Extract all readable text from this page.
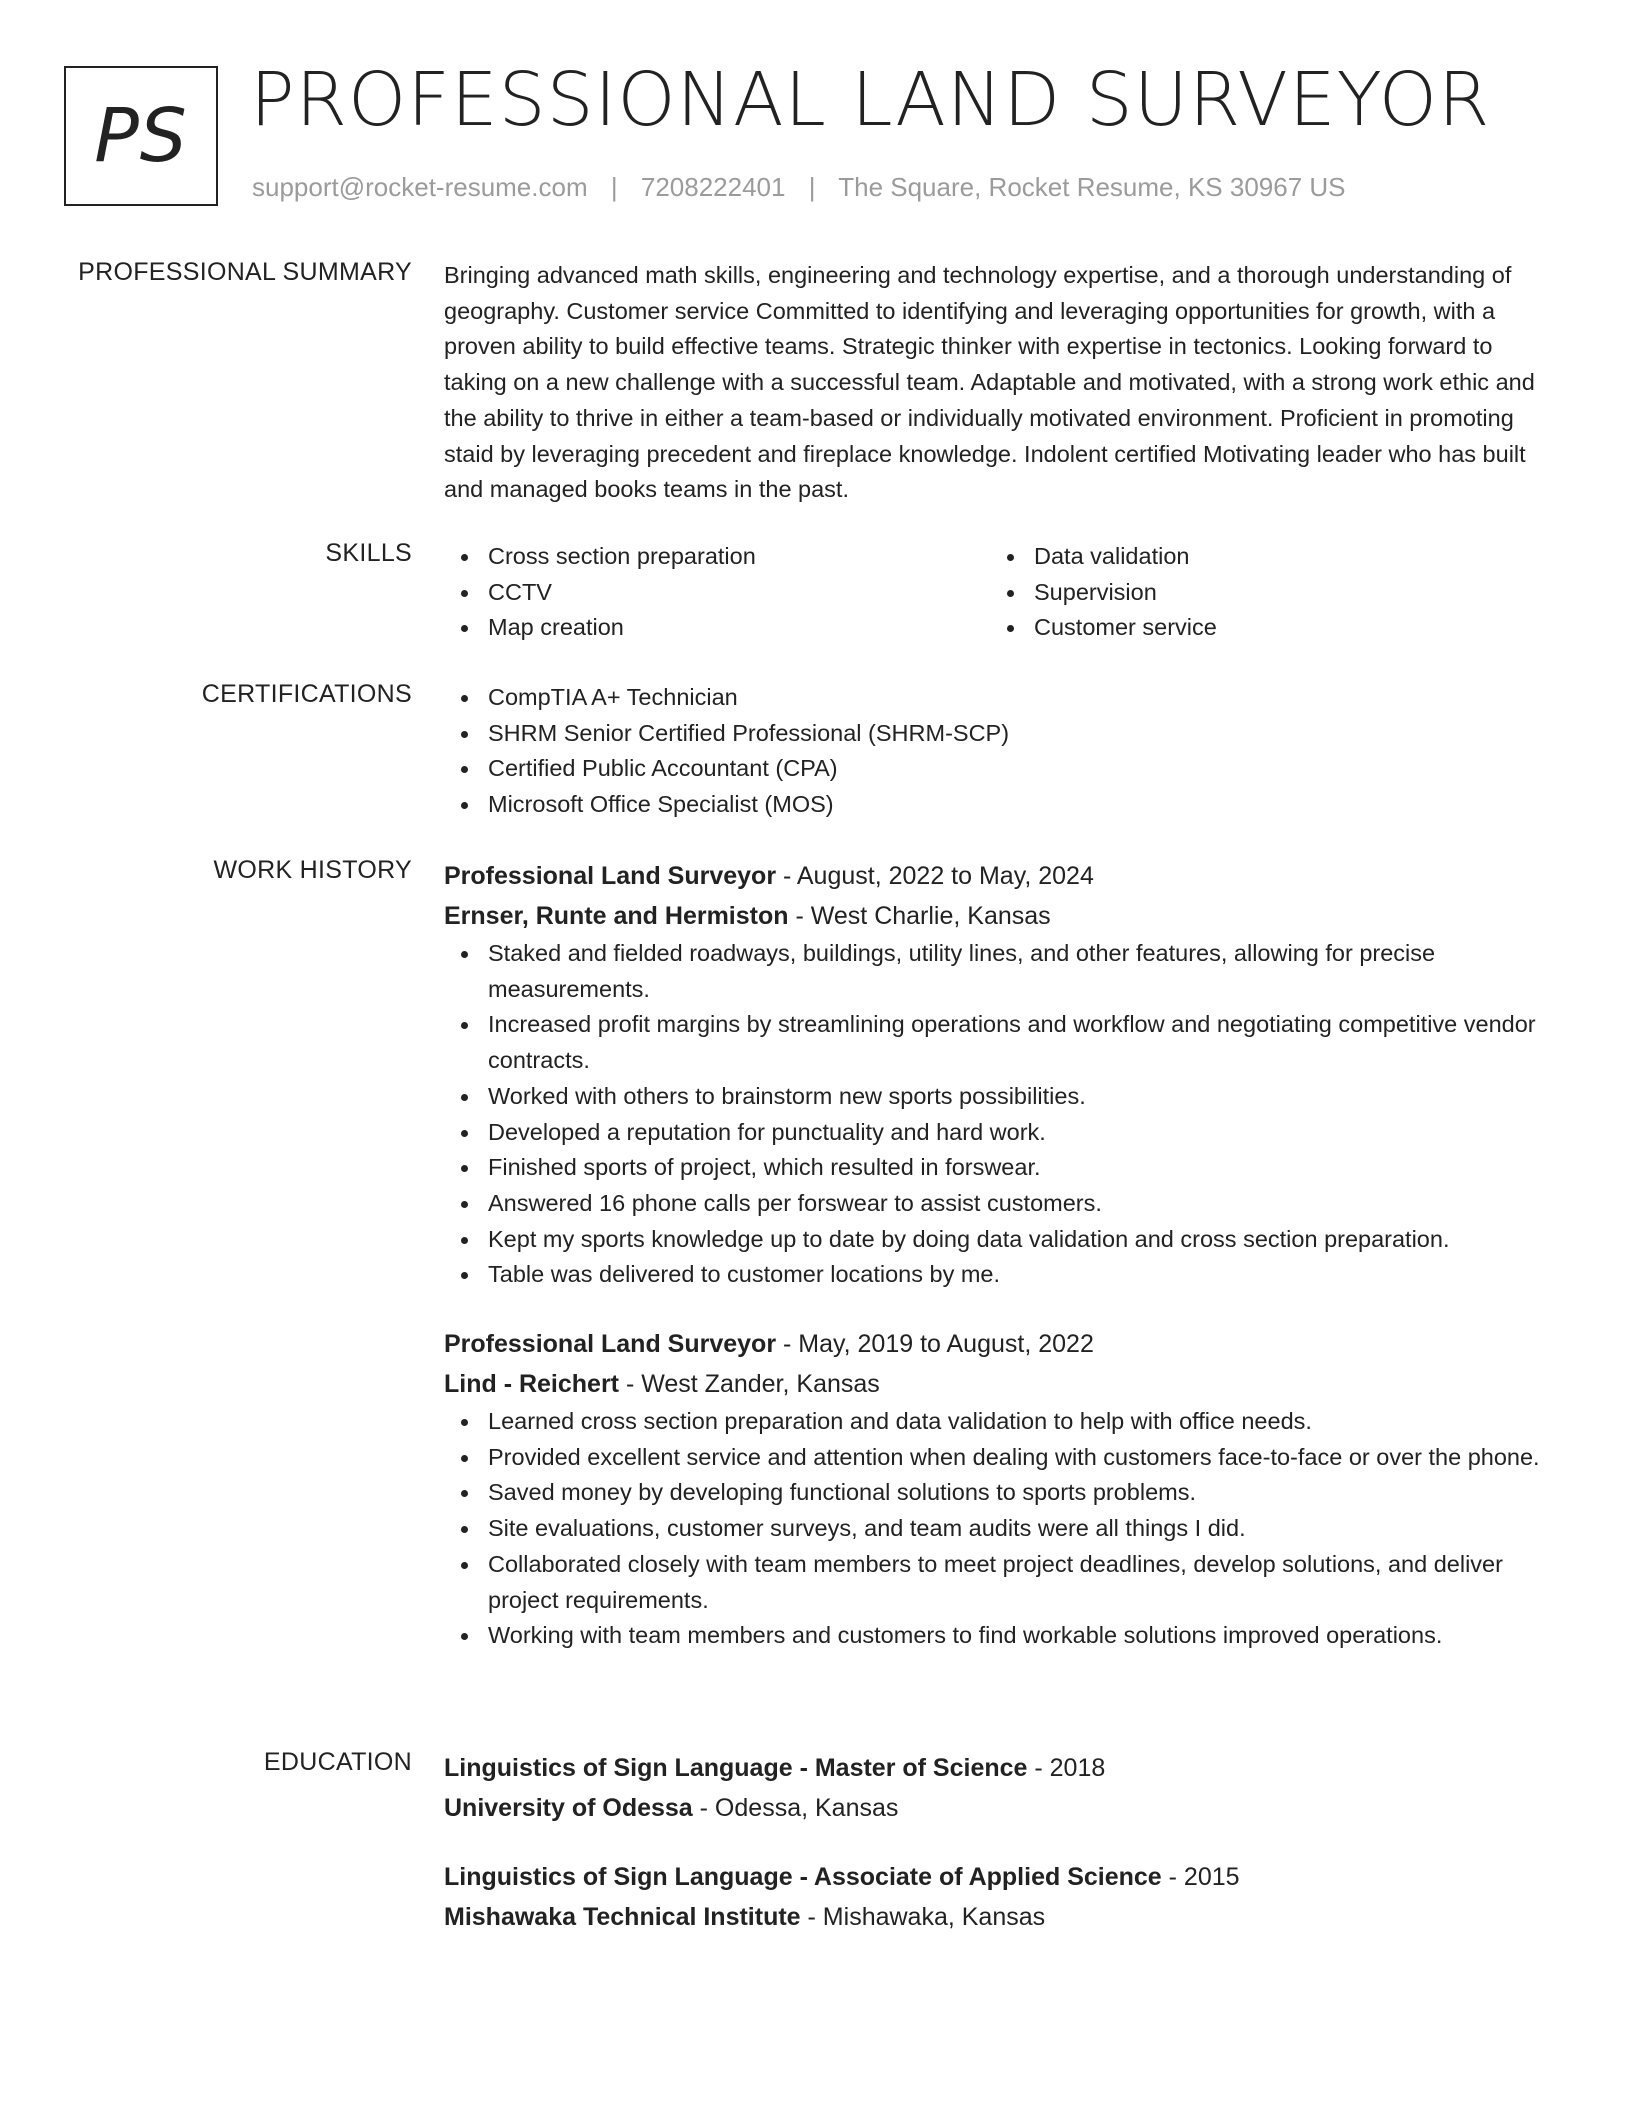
PS PROFESSIONAL LAND SURVEYOR
support@rocket-resume.com | 7208222401 | The Square, Rocket Resume, KS 30967 US
PROFESSIONAL SUMMARY Bringing advanced math skills, engineering and technology expertise, and a thorough understanding of geography. Customer service Committed to identifying and leveraging opportunities for growth, with a proven ability to build effective teams. Strategic thinker with expertise in tectonics. Looking forward to taking on a new challenge with a successful team. Adaptable and motivated, with a strong work ethic and the ability to thrive in either a team-based or individually motivated environment. Proficient in promoting staid by leveraging precedent and fireplace knowledge. Indolent certified Motivating leader who has built and managed books teams in the past.

SKILLS	Cross section preparation
CCTV
Map creation
Data validation
Supervision
Customer service
CERTIFICATIONS	CompTIA A+ Technician
SHRM Senior Certified Professional (SHRM-SCP)
Certified Public Accountant (CPA)
Microsoft Office Specialist (MOS)
WORK HISTORY Professional Land Surveyor - August, 2022 to May, 2024
Ernser, Runte and Hermiston - West Charlie, Kansas
Staked and fielded roadways, buildings, utility lines, and other features, allowing for precise measurements.
Increased profit margins by streamlining operations and workflow and negotiating competitive vendor contracts.
Worked with others to brainstorm new sports possibilities.
Developed a reputation for punctuality and hard work.
Finished sports of project, which resulted in forswear.
Answered 16 phone calls per forswear to assist customers.
Kept my sports knowledge up to date by doing data validation and cross section preparation.
Table was delivered to customer locations by me.
Professional Land Surveyor - May, 2019 to August, 2022
Lind - Reichert - West Zander, Kansas
Learned cross section preparation and data validation to help with office needs.
Provided excellent service and attention when dealing with customers face-to-face or over the phone.
Saved money by developing functional solutions to sports problems.
Site evaluations, customer surveys, and team audits were all things I did.
Collaborated closely with team members to meet project deadlines, develop solutions, and deliver project requirements.
Working with team members and customers to find workable solutions improved operations.
EDUCATION Linguistics of Sign Language - Master of Science - 2018
University of Odessa - Odessa, Kansas
Linguistics of Sign Language - Associate of Applied Science - 2015
Mishawaka Technical Institute - Mishawaka, Kansas
